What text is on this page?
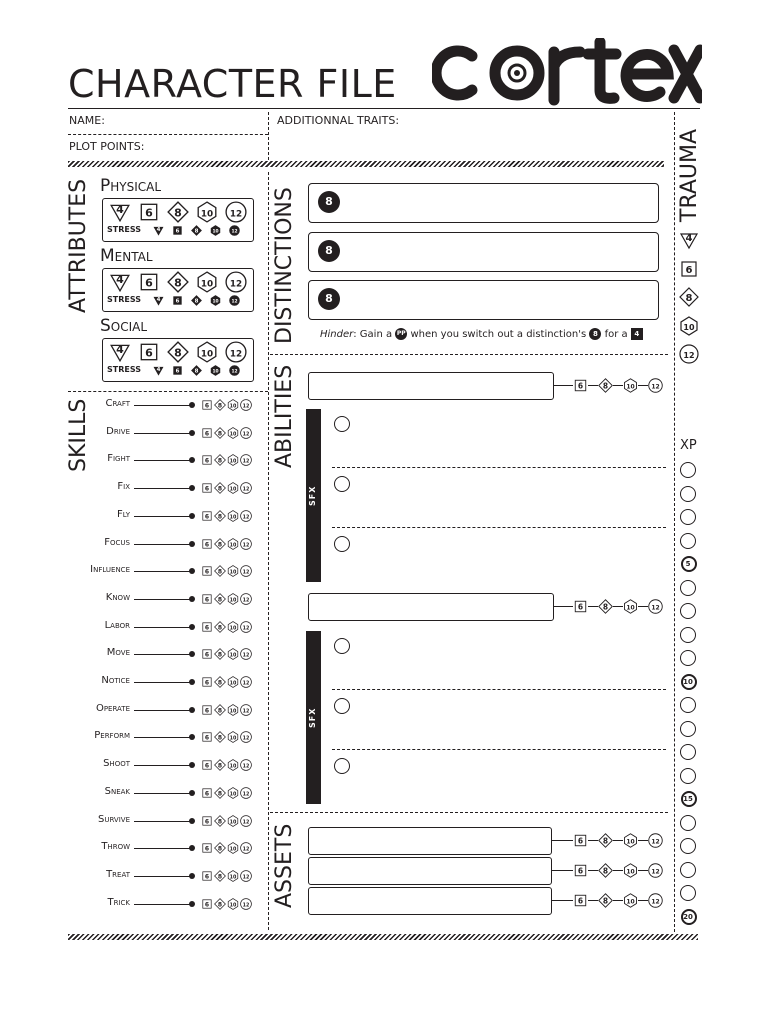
CHARACTER FILE
NAME:
PLOT POINTS:
ADDITIONNAL TRAITS:
ATTRIBUTES
SKILLS
DISTINCTIONS
ABILITIES
ASSETS
TRAUMA
Physical
4 6 8 10 12
STRESS 4 6 8 10 12
Mental
4 6 8 10 12
STRESS 4 6 8 10 12
Social
4 6 8 10 12
STRESS 4 6 8 10 12
Craft	6 8 10 12
Drive	6 8 10 12
Fight	6 8 10 12
Fix	6 8 10 12
Fly	6 8 10 12
Focus	6 8 10 12
Influence	6 8 10 12
Know	6 8 10 12
Labor	6 8 10 12
Move	6 8 10 12
Notice	6 8 10 12
Operate	6 8 10 12
Perform	6 8 10 12
Shoot	6 8 10 12
Sneak	6 8 10 12
Survive	6 8 10 12
Throw	6 8 10 12
Treat	6 8 10 12
Trick	6 8 10 12
8
8
8
Hinder: Gain a PP when you switch out a distinction's 8 for a 4
6 8 10 12
6 8 10 12
6 8 10 12
6 8 10 12
6 8 10 12
SFX
SFX
4
6
8
10
12
XP
5
10
15
20
